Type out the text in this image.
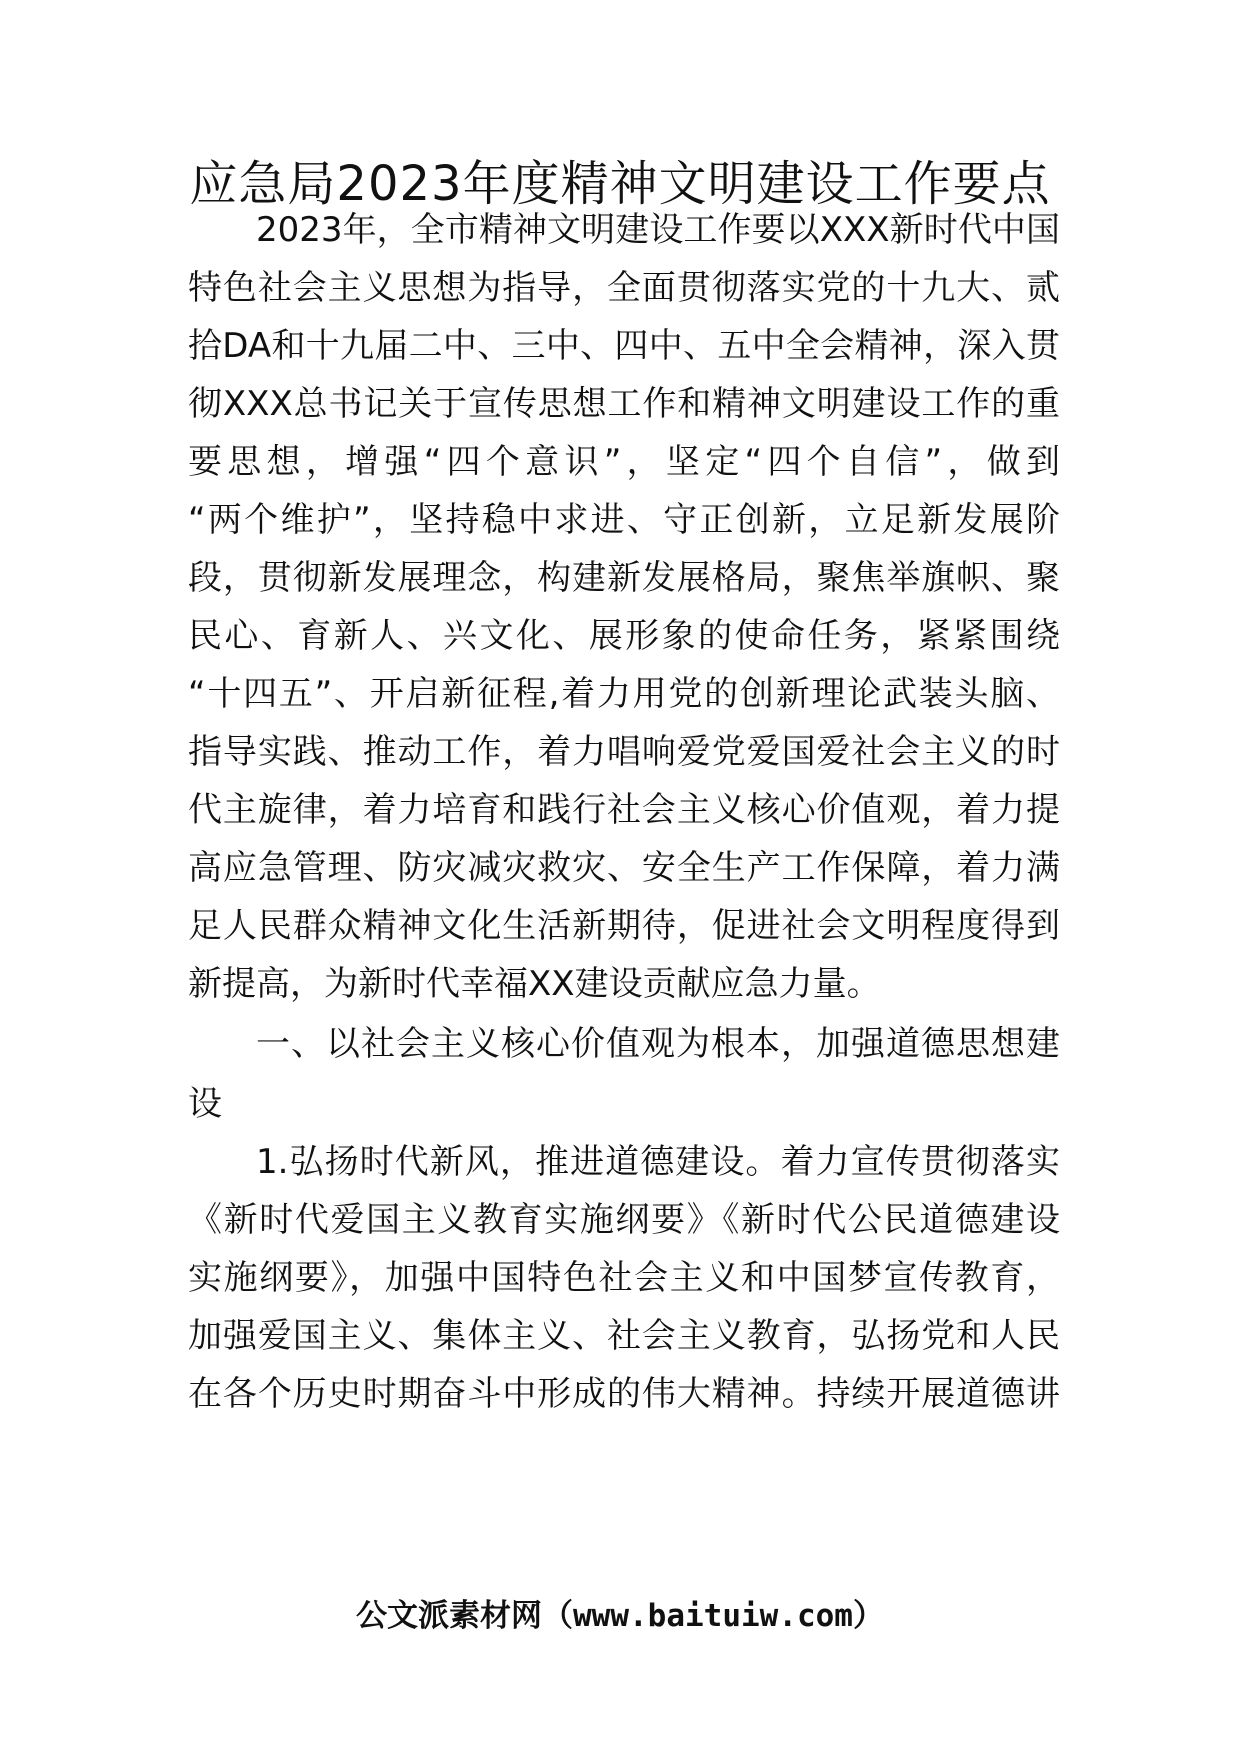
应急局2023年度精神文明建设工作要点
2023年，全市精神文明建设工作要以XXX新时代中国
特色社会主义思想为指导，全面贯彻落实党的十九大、贰
拾DA和十九届二中、三中、四中、五中全会精神，深入贯
彻XXX总书记关于宣传思想工作和精神文明建设工作的重
要思想，增强“四个意识”，坚定“四个自信”，做到
“两个维护”，坚持稳中求进、守正创新，立足新发展阶
段，贯彻新发展理念，构建新发展格局，聚焦举旗帜、聚
民心、育新人、兴文化、展形象的使命任务，紧紧围绕
“十四五”、开启新征程,着力用党的创新理论武装头脑、
指导实践、推动工作，着力唱响爱党爱国爱社会主义的时
代主旋律，着力培育和践行社会主义核心价值观，着力提
高应急管理、防灾减灾救灾、安全生产工作保障，着力满
足人民群众精神文化生活新期待，促进社会文明程度得到
新提高，为新时代幸福XX建设贡献应急力量。
一、以社会主义核心价值观为根本，加强道德思想建
设
1.弘扬时代新风，推进道德建设。着力宣传贯彻落实
《新时代爱国主义教育实施纲要》《新时代公民道德建设
实施纲要》，加强中国特色社会主义和中国梦宣传教育，
加强爱国主义、集体主义、社会主义教育，弘扬党和人民
在各个历史时期奋斗中形成的伟大精神。持续开展道德讲
公文派素材网（www.baituiw.com）
